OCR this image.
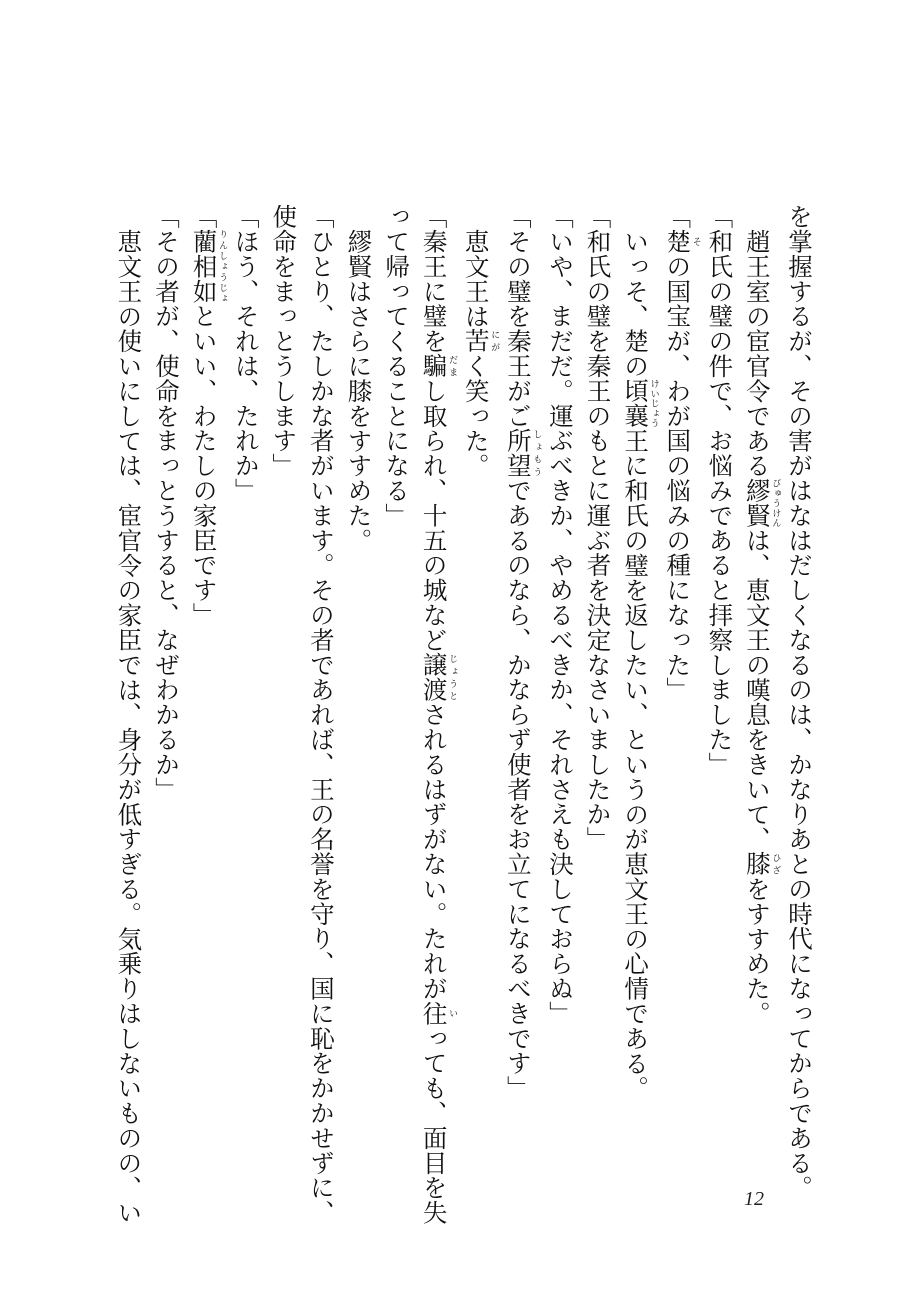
を掌握するが、その害がはなはだしくなるのは、かなりあとの時代になってからである。
趙王室の宦官令である繆賢びゅうけんは、恵文王の嘆息をきいて、膝ひざをすすめた。
「和氏の璧の件で、お悩みであると拝察しました」
「楚その国宝が、わが国の悩みの種になった」
いっそ、楚の頃襄けいじょう王に和氏の璧を返したい、というのが恵文王の心情である。
「和氏の璧を秦王のもとに運ぶ者を決定なさいましたか」
「いや、まだだ。運ぶべきか、やめるべきか、それさえも決しておらぬ」
「その璧を秦王がご所望しょもうであるのなら、かならず使者をお立てになるべきです」
恵文王は苦にがく笑った。
「秦王に璧を騙だまし取られ、十五の城など譲渡じょうとされるはずがない。たれが往いっても、面目を失
って帰ってくることになる」
繆賢はさらに膝をすすめた。
「ひとり、たしかな者がいます。その者であれば、王の名誉を守り、国に恥をかかせずに、
使命をまっとうします」
「ほう、それは、たれか」
「藺相如りんしょうじょといい、わたしの家臣です」
「その者が、使命をまっとうすると、なぜわかるか」
恵文王の使いにしては、宦官令の家臣では、身分が低すぎる。気乗りはしないものの、い	12
